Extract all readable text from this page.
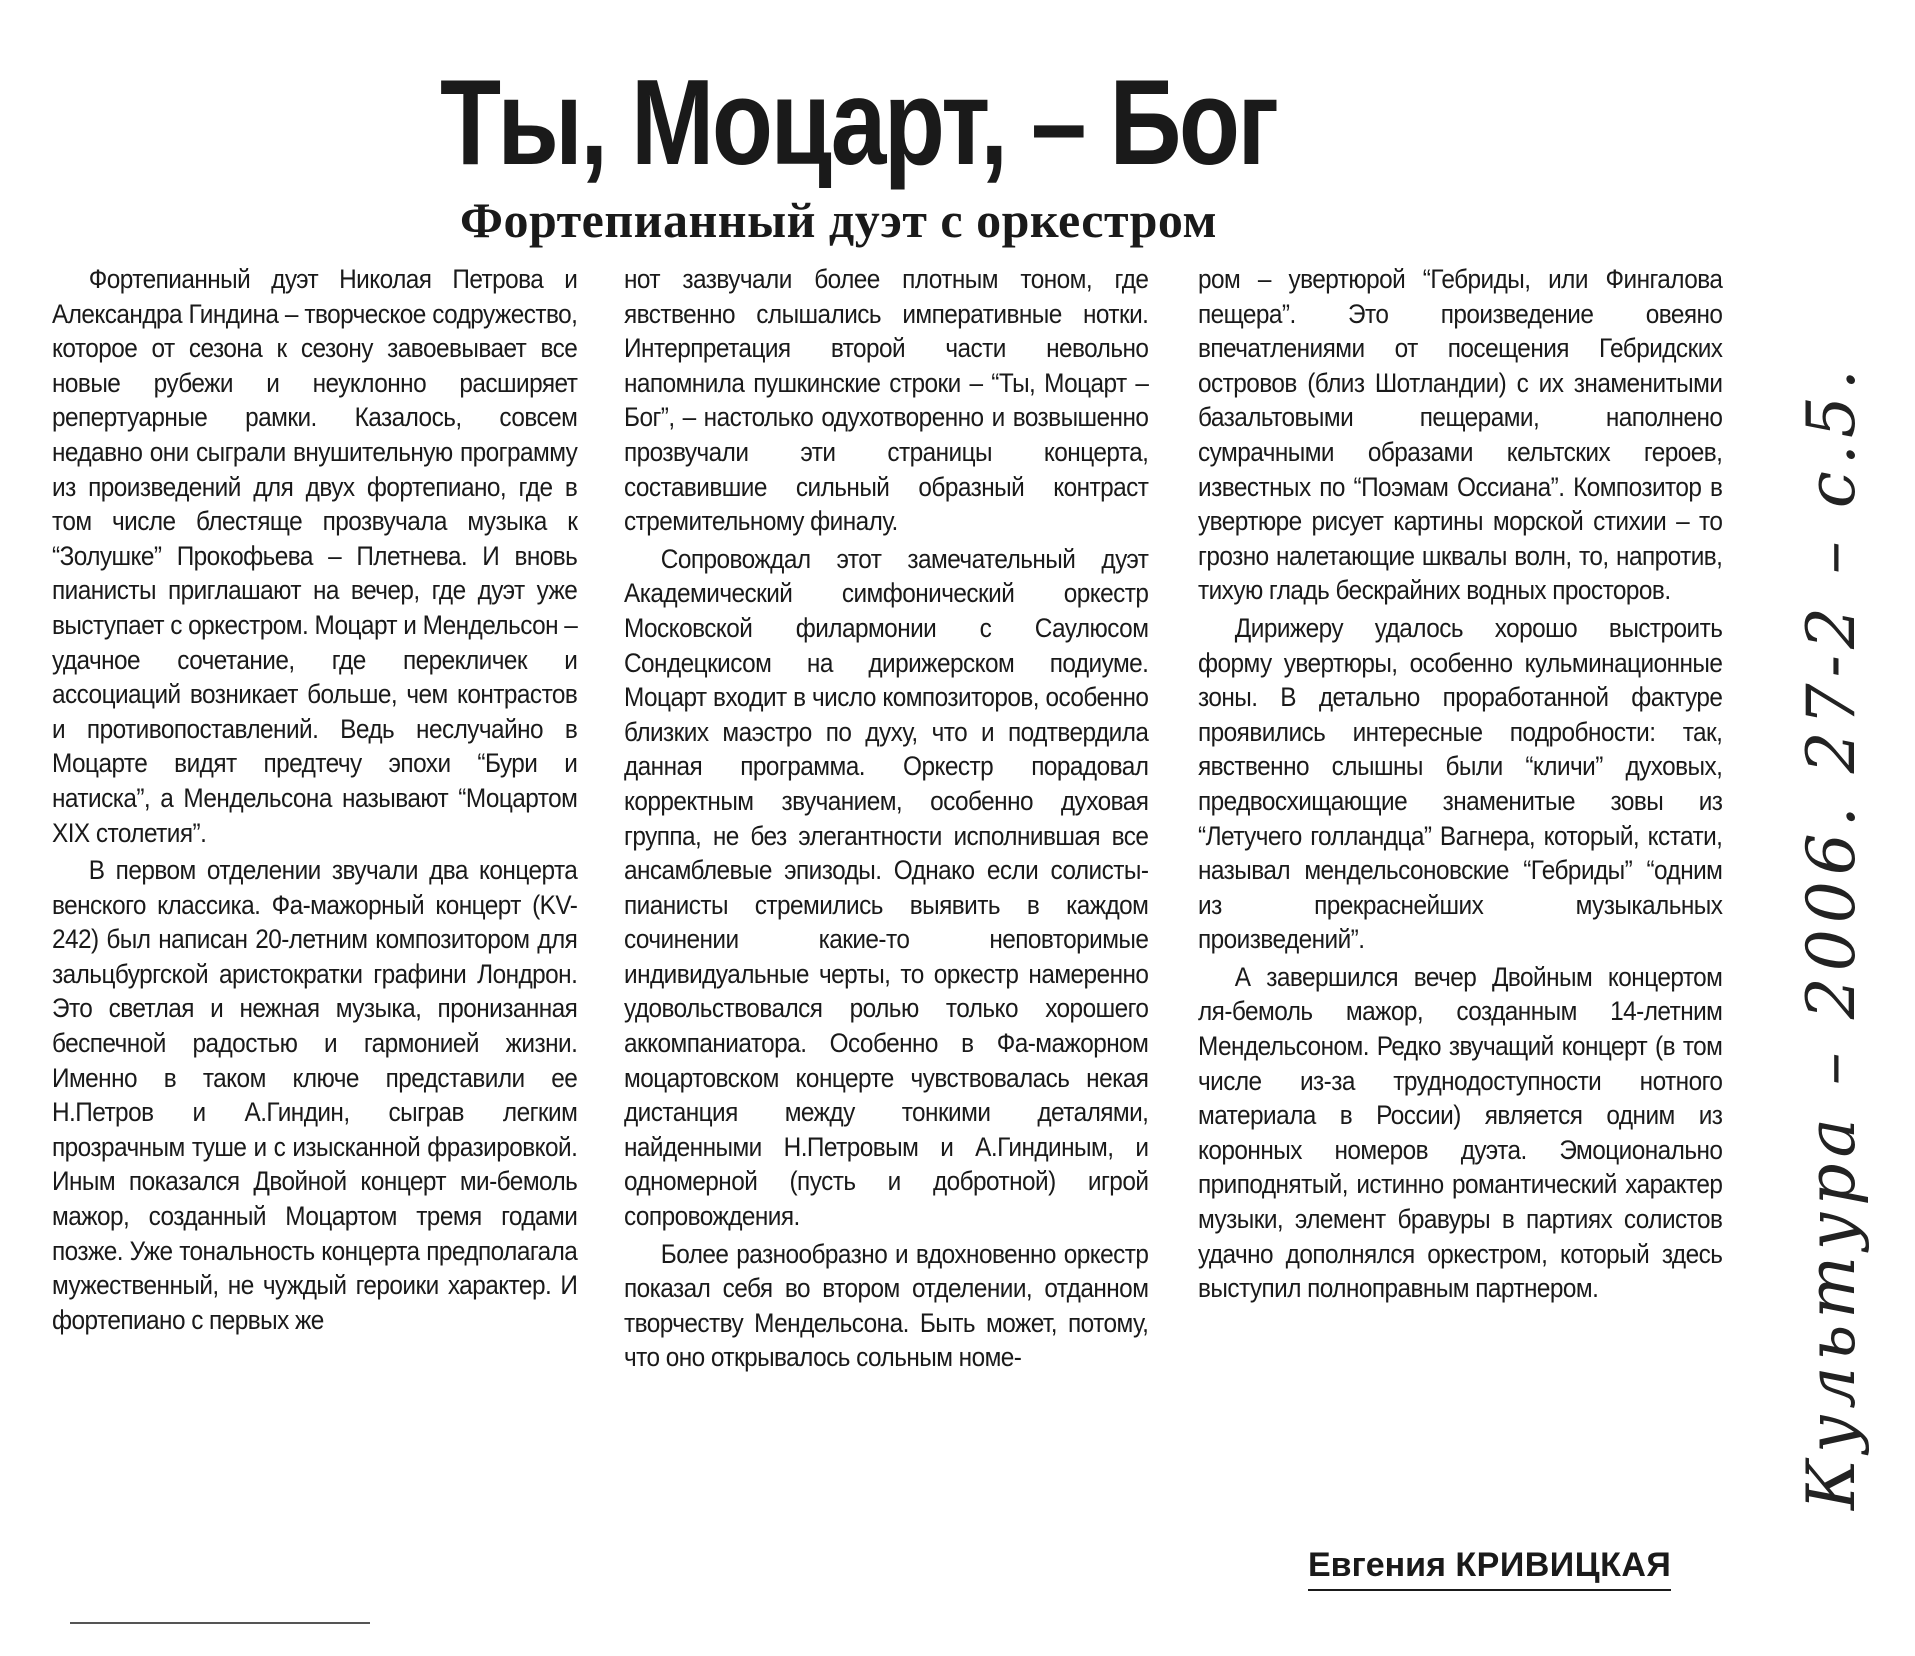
Ты, Моцарт, – Бог
Фортепианный дуэт с оркестром

Фортепианный дуэт Николая Петрова и Александра Гиндина – творческое содружество, которое от сезона к сезону завоевывает все новые рубежи и неуклонно расширяет репертуарные рамки. Казалось, совсем недавно они сыграли внушительную программу из произведений для двух фортепиано, где в том числе блестяще прозвучала музыка к “Золушке” Прокофьева – Плетнева. И вновь пианисты приглашают на вечер, где дуэт уже выступает с оркестром. Моцарт и Мендельсон – удачное сочетание, где перекличек и ассоциаций возникает больше, чем контрастов и противопоставлений. Ведь неслучайно в Моцарте видят предтечу эпохи “Бури и натиска”, а Мендельсона называют “Моцартом XIX столетия”.

В первом отделении звучали два концерта венского классика. Фа-мажорный концерт (KV-242) был написан 20-летним композитором для зальцбургской аристократки графини Лондрон. Это светлая и нежная музыка, пронизанная беспечной радостью и гармонией жизни. Именно в таком ключе представили ее Н.Петров и А.Гиндин, сыграв легким прозрачным туше и с изысканной фразировкой. Иным показался Двойной концерт ми-бемоль мажор, созданный Моцартом тремя годами позже. Уже тональность концерта предполагала мужественный, не чуждый героики характер. И фортепиано с первых же

нот зазвучали более плотным тоном, где явственно слышались императивные нотки. Интерпретация второй части невольно напомнила пушкинские строки – “Ты, Моцарт – Бог”, – настолько одухотворенно и возвышенно прозвучали эти страницы концерта, составившие сильный образный контраст стремительному финалу.

Сопровождал этот замечательный дуэт Академический симфонический оркестр Московской филармонии с Саулюсом Сондецкисом на дирижерском подиуме. Моцарт входит в число композиторов, особенно близких маэстро по духу, что и подтвердила данная программа. Оркестр порадовал корректным звучанием, особенно духовая группа, не без элегантности исполнившая все ансамблевые эпизоды. Однако если солисты-пианисты стремились выявить в каждом сочинении какие-то неповторимые индивидуальные черты, то оркестр намеренно удовольствовался ролью только хорошего аккомпаниатора. Особенно в Фа-мажорном моцартовском концерте чувствовалась некая дистанция между тонкими деталями, найденными Н.Петровым и А.Гиндиным, и одномерной (пусть и добротной) игрой сопровождения.

Более разнообразно и вдохновенно оркестр показал себя во втором отделении, отданном творчеству Мендельсона. Быть может, потому, что оно открывалось сольным номе-

ром – увертюрой “Гебриды, или Фингалова пещера”. Это произведение овеяно впечатлениями от посещения Гебридских островов (близ Шотландии) с их знаменитыми базальтовыми пещерами, наполнено сумрачными образами кельтских героев, известных по “Поэмам Оссиана”. Композитор в увертюре рисует картины морской стихии – то грозно налетающие шквалы волн, то, напротив, тихую гладь бескрайних водных просторов.

Дирижеру удалось хорошо выстроить форму увертюры, особенно кульминационные зоны. В детально проработанной фактуре проявились интересные подробности: так, явственно слышны были “кличи” духовых, предвосхищающие знаменитые зовы из “Летучего голландца” Вагнера, который, кстати, называл мендельсоновские “Гебриды” “одним из прекраснейших музыкальных произведений”.

А завершился вечер Двойным концертом ля-бемоль мажор, созданным 14-летним Мендельсоном. Редко звучащий концерт (в том числе из-за труднодоступности нотного материала в России) является одним из коронных номеров дуэта. Эмоционально приподнятый, истинно романтический характер музыки, элемент бравуры в партиях солистов удачно дополнялся оркестром, который здесь выступил полноправным партнером.

Евгения КРИВИЦКАЯ
Культура – 2006. 27-2 – с.5.
